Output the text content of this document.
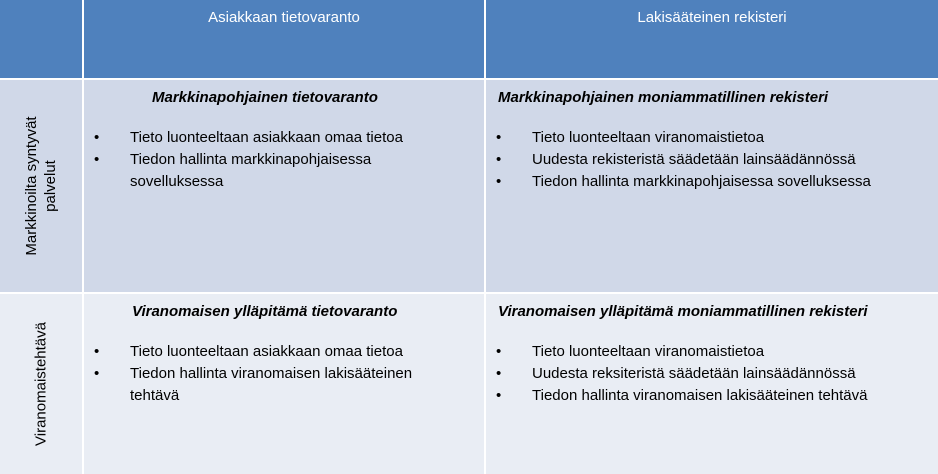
Asiakkaan tietovaranto	Lakisääteinen rekisteri
Markkinoilta syntyvät palvelut
Markkinapohjainen tietovaranto
• Tieto luonteeltaan asiakkaan omaa tietoa
• Tiedon hallinta markkinapohjaisessa sovelluksessa
Markkinapohjainen moniammatillinen rekisteri
• Tieto luonteeltaan viranomaistietoa
• Uudesta rekisteristä säädetään lainsäädännössä
• Tiedon hallinta markkinapohjaisessa sovelluksessa
Viranomaistehtävä
Viranomaisen ylläpitämä tietovaranto
• Tieto luonteeltaan asiakkaan omaa tietoa
• Tiedon hallinta viranomaisen lakisääteinen tehtävä
Viranomaisen ylläpitämä moniammatillinen rekisteri
• Tieto luonteeltaan viranomaistietoa
• Uudesta reksiteristä säädetään lainsäädännössä
• Tiedon hallinta viranomaisen lakisääteinen tehtävä
